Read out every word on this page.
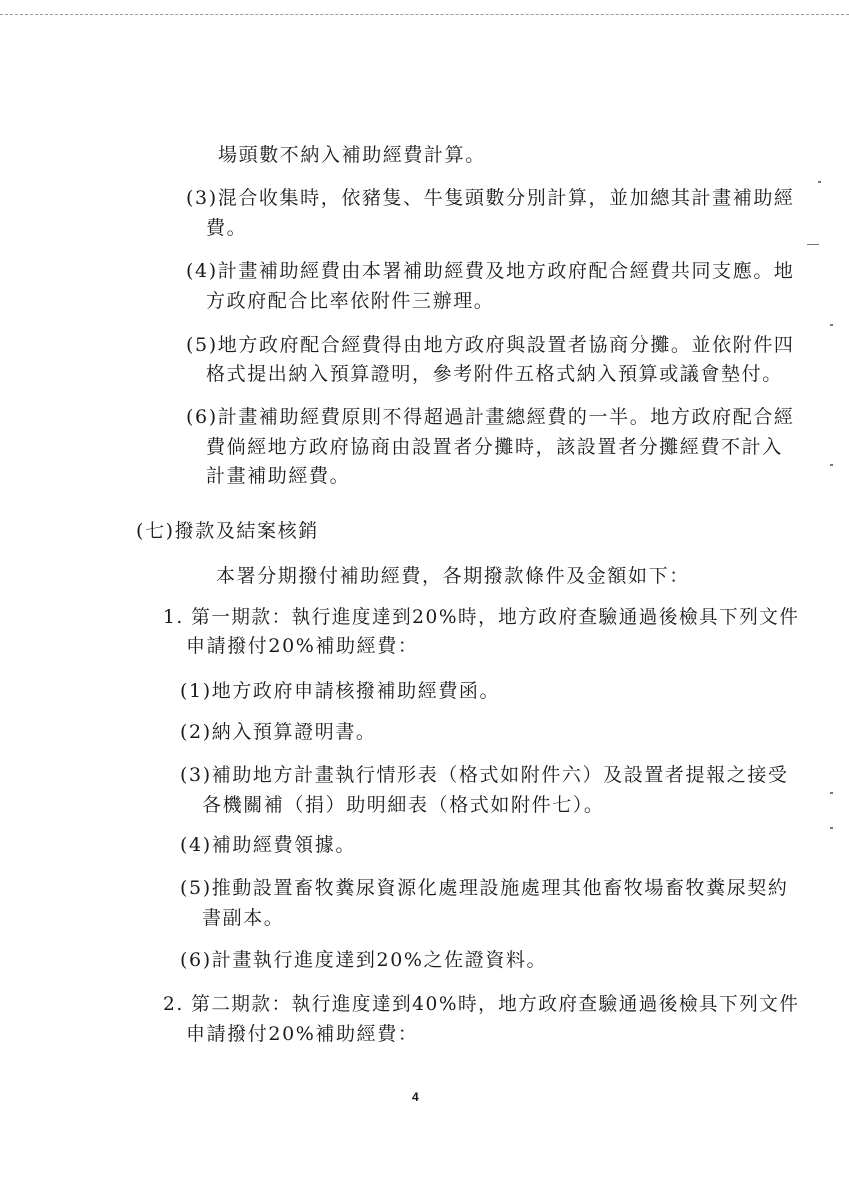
場頭數不納入補助經費計算。
(3)混合收集時，依豬隻、牛隻頭數分別計算，並加總其計畫補助經
費。
(4)計畫補助經費由本署補助經費及地方政府配合經費共同支應。地
方政府配合比率依附件三辦理。
(5)地方政府配合經費得由地方政府與設置者協商分攤。並依附件四
格式提出納入預算證明，參考附件五格式納入預算或議會墊付。
(6)計畫補助經費原則不得超過計畫總經費的一半。地方政府配合經
費倘經地方政府協商由設置者分攤時，該設置者分攤經費不計入
計畫補助經費。
(七)撥款及結案核銷
本署分期撥付補助經費，各期撥款條件及金額如下：
1. 第一期款：執行進度達到20%時，地方政府查驗通過後檢具下列文件
申請撥付20%補助經費：
(1)地方政府申請核撥補助經費函。
(2)納入預算證明書。
(3)補助地方計畫執行情形表（格式如附件六）及設置者提報之接受
各機關補（捐）助明細表（格式如附件七）。
(4)補助經費領據。
(5)推動設置畜牧糞尿資源化處理設施處理其他畜牧場畜牧糞尿契約
書副本。
(6)計畫執行進度達到20%之佐證資料。
2. 第二期款：執行進度達到40%時，地方政府查驗通過後檢具下列文件
申請撥付20%補助經費：
4
